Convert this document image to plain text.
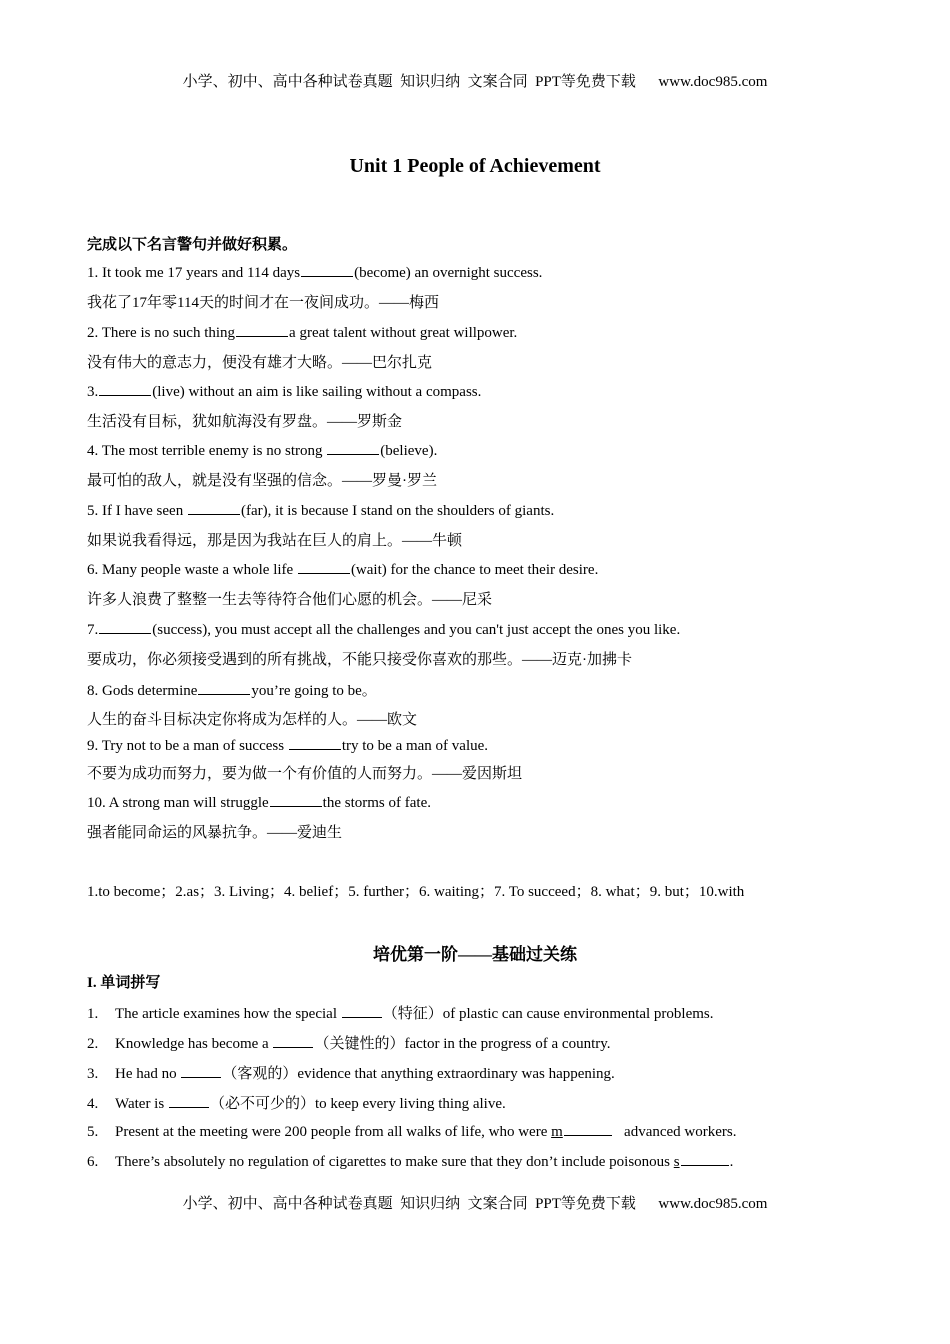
小学、初中、高中各种试卷真题  知识归纳  文案合同  PPT等免费下载      www.doc985.com
Unit 1 People of Achievement
完成以下名言警句并做好积累。
1. It took me 17 years and 114 days	(become) an overnight success.
我花了17年零114天的时间才在一夜间成功。——梅西
2. There is no such thing	a great talent without great willpower.
没有伟大的意志力，便没有雄才大略。——巴尔扎克
3.	(live) without an aim is like sailing without a compass.
生活没有目标，犹如航海没有罗盘。——罗斯金
4. The most terrible enemy is no strong	(believe).
最可怕的敌人，就是没有坚强的信念。——罗曼·罗兰
5. If I have seen	(far), it is because I stand on the shoulders of giants.
如果说我看得远，那是因为我站在巨人的肩上。——牛顿
6. Many people waste a whole life	(wait) for the chance to meet their desire.
许多人浪费了整整一生去等待符合他们心愿的机会。——尼采
7.	(success), you must accept all the challenges and you can't just accept the ones you like.
要成功，你必须接受遇到的所有挑战，不能只接受你喜欢的那些。——迈克·加拂卡
8. Gods determine	you’re going to be。
人生的奋斗目标决定你将成为怎样的人。——欧文
9. Try not to be a man of success	try to be a man of value.
不要为成功而努力，要为做一个有价值的人而努力。——爱因斯坦
10. A strong man will struggle	the storms of fate.
强者能同命运的风暴抗争。——爱迪生
1.to become；2.as；3. Living；4. belief；5. further；6. waiting；7. To succeed；8. what；9. but；10.with
培优第一阶——基础过关练
I. 单词拼写
1. The article examines how the special	（特征）of plastic can cause environmental problems.
2. Knowledge has become a	（关键性的）factor in the progress of a country.
3. He had no	（客观的）evidence that anything extraordinary was happening.
4. Water is	（必不可少的）to keep every living thing alive.
5. Present at the meeting were 200 people from all walks of life, who were m	advanced workers.
6. There’s absolutely no regulation of cigarettes to make sure that they don’t include poisonous s	.
小学、初中、高中各种试卷真题  知识归纳  文案合同  PPT等免费下载      www.doc985.com
